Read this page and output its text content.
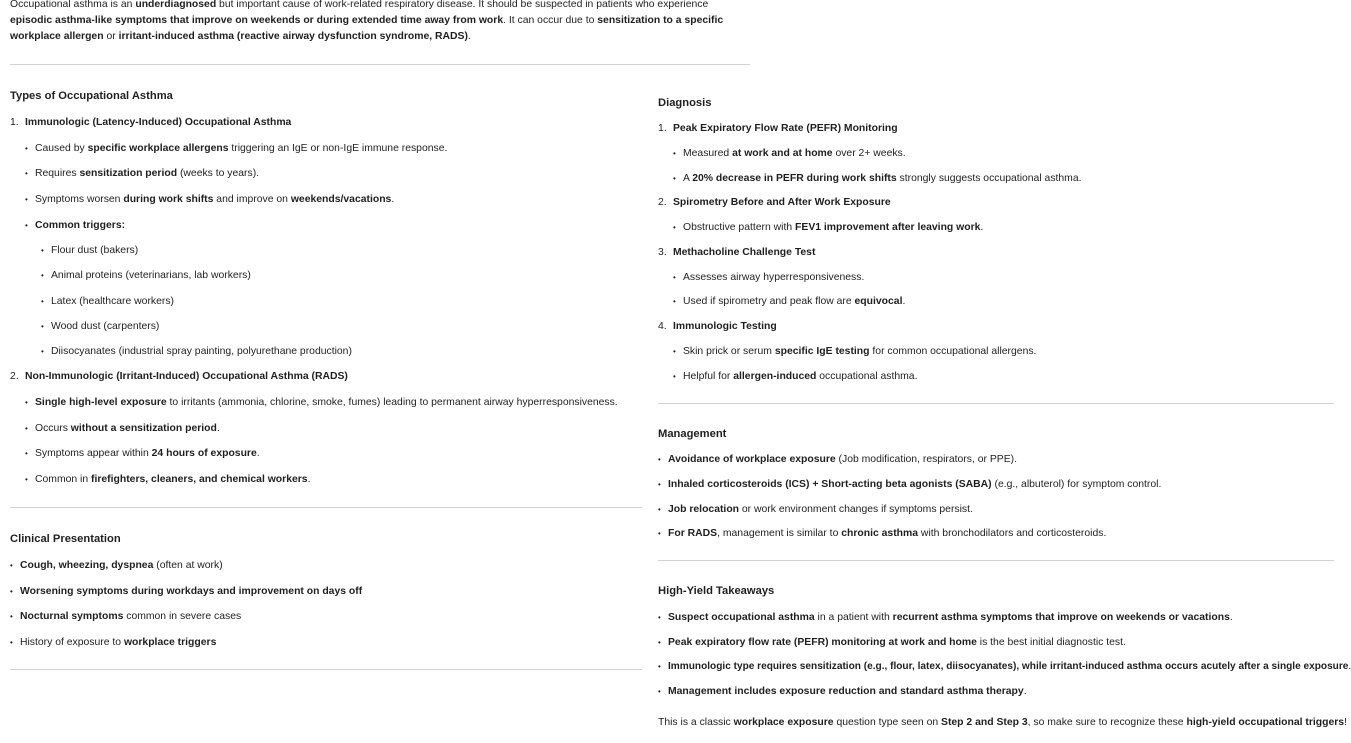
Occupational asthma is an underdiagnosed but important cause of work-related respiratory disease. It should be suspected in patients who experience episodic asthma-like symptoms that improve on weekends or during extended time away from work. It can occur due to sensitization to a specific workplace allergen or irritant-induced asthma (reactive airway dysfunction syndrome, RADS).
Types of Occupational Asthma
1. Immunologic (Latency-Induced) Occupational Asthma
• Caused by specific workplace allergens triggering an IgE or non-IgE immune response.
• Requires sensitization period (weeks to years).
• Symptoms worsen during work shifts and improve on weekends/vacations.
• Common triggers:
• Flour dust (bakers)
• Animal proteins (veterinarians, lab workers)
• Latex (healthcare workers)
• Wood dust (carpenters)
• Diisocyanates (industrial spray painting, polyurethane production)
2. Non-Immunologic (Irritant-Induced) Occupational Asthma (RADS)
• Single high-level exposure to irritants (ammonia, chlorine, smoke, fumes) leading to permanent airway hyperresponsiveness.
• Occurs without a sensitization period.
• Symptoms appear within 24 hours of exposure.
• Common in firefighters, cleaners, and chemical workers.
Clinical Presentation
• Cough, wheezing, dyspnea (often at work)
• Worsening symptoms during workdays and improvement on days off
• Nocturnal symptoms common in severe cases
• History of exposure to workplace triggers
Diagnosis
1. Peak Expiratory Flow Rate (PEFR) Monitoring
• Measured at work and at home over 2+ weeks.
• A 20% decrease in PEFR during work shifts strongly suggests occupational asthma.
2. Spirometry Before and After Work Exposure
• Obstructive pattern with FEV1 improvement after leaving work.
3. Methacholine Challenge Test
• Assesses airway hyperresponsiveness.
• Used if spirometry and peak flow are equivocal.
4. Immunologic Testing
• Skin prick or serum specific IgE testing for common occupational allergens.
• Helpful for allergen-induced occupational asthma.
Management
• Avoidance of workplace exposure (Job modification, respirators, or PPE).
• Inhaled corticosteroids (ICS) + Short-acting beta agonists (SABA) (e.g., albuterol) for symptom control.
• Job relocation or work environment changes if symptoms persist.
• For RADS, management is similar to chronic asthma with bronchodilators and corticosteroids.
High-Yield Takeaways
• Suspect occupational asthma in a patient with recurrent asthma symptoms that improve on weekends or vacations.
• Peak expiratory flow rate (PEFR) monitoring at work and home is the best initial diagnostic test.
• Immunologic type requires sensitization (e.g., flour, latex, diisocyanates), while irritant-induced asthma occurs acutely after a single exposure.
• Management includes exposure reduction and standard asthma therapy.
This is a classic workplace exposure question type seen on Step 2 and Step 3, so make sure to recognize these high-yield occupational triggers!
